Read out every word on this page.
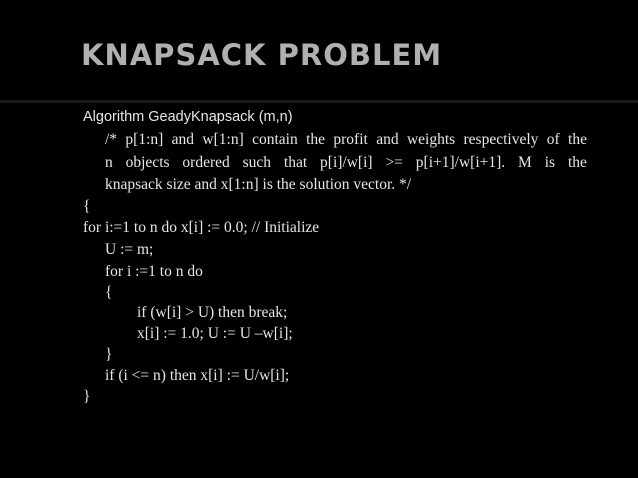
KNAPSACK PROBLEM
Algorithm GeadyKnapsack (m,n)
/* p[1:n] and w[1:n] contain the profit and weights respectively of the
n objects ordered such that p[i]/w[i] >= p[i+1]/w[i+1]. M is the
knapsack size and x[1:n] is the solution vector. */
{
for i:=1 to n do x[i] := 0.0; // Initialize
U := m;
for i :=1 to n do
{
if (w[i] > U) then break;
x[i] := 1.0; U := U –w[i];
}
if (i <= n) then x[i] := U/w[i];
}
